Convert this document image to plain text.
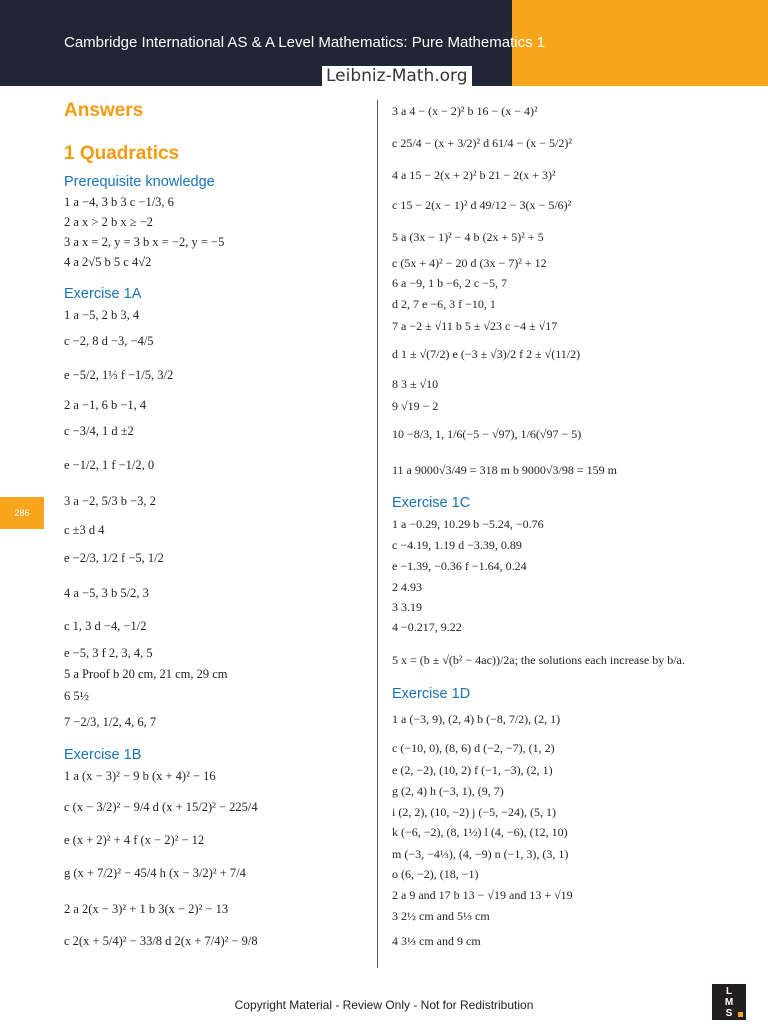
Cambridge International AS & A Level Mathematics: Pure Mathematics 1
Leibniz-Math.org
286
Answers
1 Quadratics
Prerequisite knowledge
1 a −4, 3 b 3 c −1/3, 6
2 a x > 2 b x ≥ −2
3 a x = 2, y = 3 b x = −2, y = −5
4 a 2√5 b 5 c 4√2
Exercise 1A
1 a −5, 2 b 3, 4
c −2, 8 d −3, −4/5
e −5/2, 1⅓ f −1/5, 3/2
2 a −1, 6 b −1, 4
c −3/4, 1 d ±2
e −1/2, 1 f −1/2, 0
3 a −2, 5/3 b −3, 2
c ±3 d 4
e −2/3, 1/2 f −5, 1/2
4 a −5, 3 b 5/2, 3
c 1, 3 d −4, −1/2
e −5, 3 f 2, 3, 4, 5
5 a Proof b 20 cm, 21 cm, 29 cm
6 5½
7 −2/3, 1/2, 4, 6, 7
Exercise 1B
1 a (x − 3)² − 9 b (x + 4)² − 16
c (x − 3/2)² − 9/4 d (x + 15/2)² − 225/4
e (x + 2)² + 4 f (x − 2)² − 12
g (x + 7/2)² − 45/4 h (x − 3/2)² + 7/4
2 a 2(x − 3)² + 1 b 3(x − 2)² − 13
c 2(x + 5/4)² − 33/8 d 2(x + 7/4)² − 9/8
3 a 4 − (x − 2)² b 16 − (x − 4)²
c 25/4 − (x + 3/2)² d 61/4 − (x − 5/2)²
4 a 15 − 2(x + 2)² b 21 − 2(x + 3)²
c 15 − 2(x − 1)² d 49/12 − 3(x − 5/6)²
5 a (3x − 1)² − 4 b (2x + 5)² + 5
c (5x + 4)² − 20 d (3x − 7)² + 12
6 a −9, 1 b −6, 2 c −5, 7
d 2, 7 e −6, 3 f −10, 1
7 a −2 ± √11 b 5 ± √23 c −4 ± √17
d 1 ± √(7/2) e (−3 ± √3)/2 f 2 ± √(11/2)
8 3 ± √10
9 √19 − 2
10 −8/3, 1, 1/6(−5 − √97), 1/6(√97 − 5)
11 a 9000√3/49 = 318 m b 9000√3/98 = 159 m
Exercise 1C
1 a −0.29, 10.29 b −5.24, −0.76
c −4.19, 1.19 d −3.39, 0.89
e −1.39, −0.36 f −1.64, 0.24
2 4.93
3 3.19
4 −0.217, 9.22
5 x = (b ± √(b² − 4ac))/2a; the solutions each increase by b/a.
Exercise 1D
1 a (−3, 9), (2, 4) b (−8, 7/2), (2, 1)
c (−10, 0), (8, 6) d (−2, −7), (1, 2)
e (2, −2), (10, 2) f (−1, −3), (2, 1)
g (2, 4) h (−3, 1), (9, 7)
i (2, 2), (10, −2) j (−5, −24), (5, 1)
k (−6, −2), (8, 1½) l (4, −6), (12, 10)
m (−3, −4⅓), (4, −9) n (−1, 3), (3, 1)
o (6, −2), (18, −1)
2 a 9 and 17 b 13 − √19 and 13 + √19
3 2½ cm and 5⅓ cm
4 3⅓ cm and 9 cm
Copyright Material - Review Only - Not for Redistribution
L
M
S
